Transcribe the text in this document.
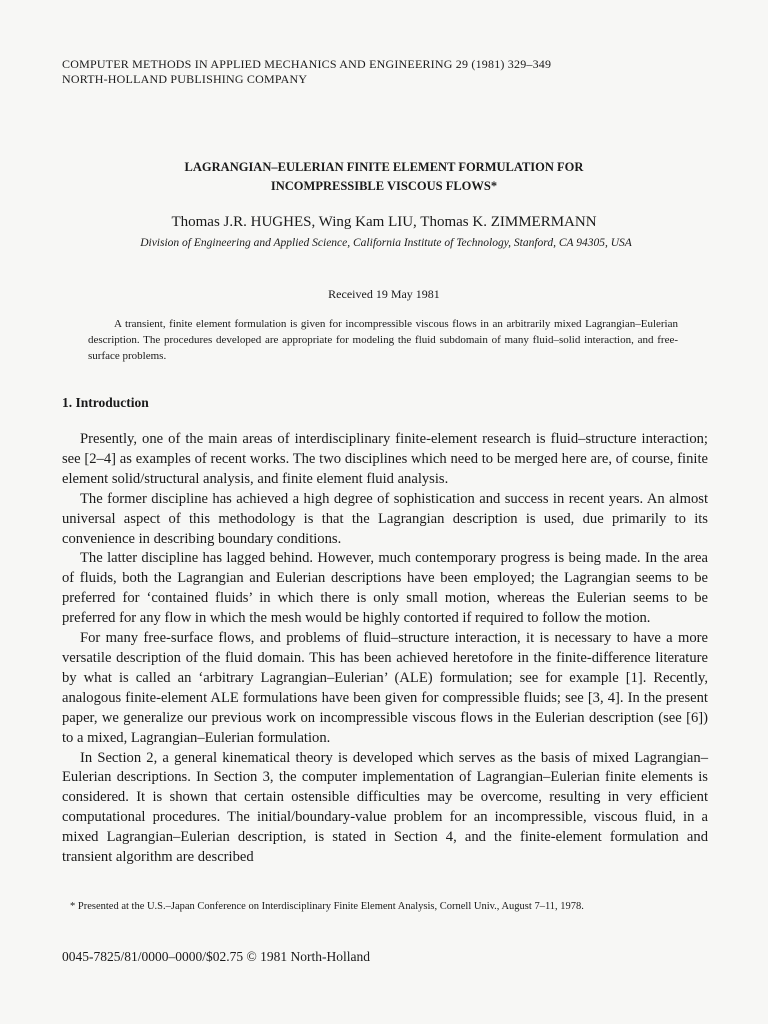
COMPUTER METHODS IN APPLIED MECHANICS AND ENGINEERING 29 (1981) 329–349
NORTH-HOLLAND PUBLISHING COMPANY
LAGRANGIAN–EULERIAN FINITE ELEMENT FORMULATION FOR
INCOMPRESSIBLE VISCOUS FLOWS*
Thomas J.R. HUGHES, Wing Kam LIU, Thomas K. ZIMMERMANN
Division of Engineering and Applied Science, California Institute of Technology, Stanford, CA 94305, USA
Received 19 May 1981

A transient, finite element formulation is given for incompressible viscous flows in an arbitrarily mixed Lagrangian–Eulerian description. The procedures developed are appropriate for modeling the fluid subdomain of many fluid–solid interaction, and free-surface problems.

1. Introduction

Presently, one of the main areas of interdisciplinary finite-element research is fluid–structure interaction; see [2–4] as examples of recent works. The two disciplines which need to be merged here are, of course, finite element solid/structural analysis, and finite element fluid analysis.

The former discipline has achieved a high degree of sophistication and success in recent years. An almost universal aspect of this methodology is that the Lagrangian description is used, due primarily to its convenience in describing boundary conditions.

The latter discipline has lagged behind. However, much contemporary progress is being made. In the area of fluids, both the Lagrangian and Eulerian descriptions have been employed; the Lagrangian seems to be preferred for ‘contained fluids’ in which there is only small motion, whereas the Eulerian seems to be preferred for any flow in which the mesh would be highly contorted if required to follow the motion.

For many free-surface flows, and problems of fluid–structure interaction, it is necessary to have a more versatile description of the fluid domain. This has been achieved heretofore in the finite-difference literature by what is called an ‘arbitrary Lagrangian–Eulerian’ (ALE) formulation; see for example [1]. Recently, analogous finite-element ALE formulations have been given for compressible fluids; see [3, 4]. In the present paper, we generalize our previous work on incompressible viscous flows in the Eulerian description (see [6]) to a mixed, Lagrangian–Eulerian formulation.

In Section 2, a general kinematical theory is developed which serves as the basis of mixed Lagrangian–Eulerian descriptions. In Section 3, the computer implementation of Lagrangian–Eulerian finite elements is considered. It is shown that certain ostensible difficulties may be overcome, resulting in very efficient computational procedures. The initial/boundary-value problem for an incompressible, viscous fluid, in a mixed Lagrangian–Eulerian description, is stated in Section 4, and the finite-element formulation and transient algorithm are described

* Presented at the U.S.–Japan Conference on Interdisciplinary Finite Element Analysis, Cornell Univ., August 7–11, 1978.

0045-7825/81/0000–0000/$02.75 © 1981 North-Holland
